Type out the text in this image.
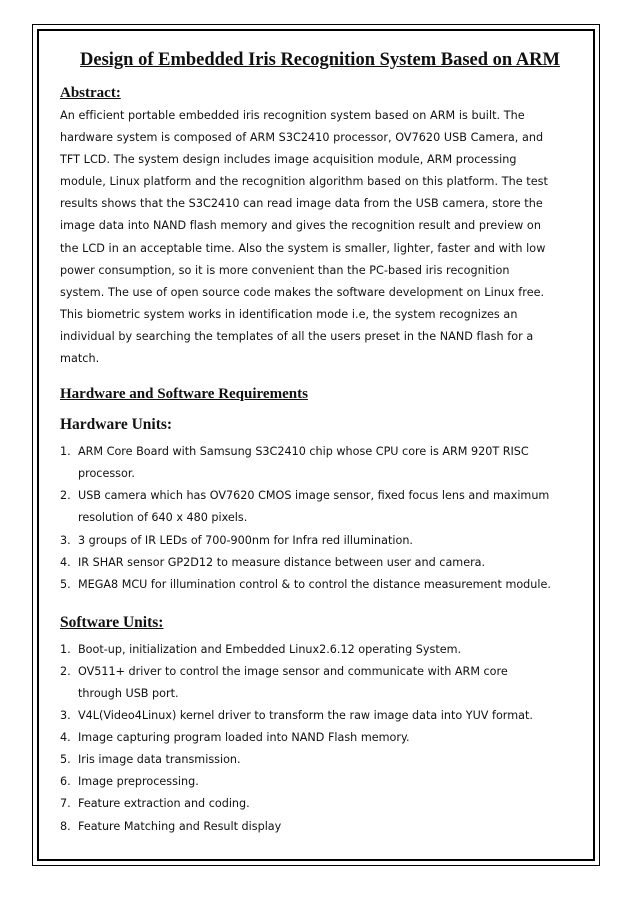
Design of Embedded Iris Recognition System Based on ARM
Abstract:
An efficient portable embedded iris recognition system based on ARM is built. The
hardware system is composed of ARM S3C2410 processor, OV7620 USB Camera, and
TFT LCD. The system design includes image acquisition module, ARM processing
module, Linux platform and the recognition algorithm based on this platform. The test
results shows that the S3C2410 can read image data from the USB camera, store the
image data into NAND flash memory and gives the recognition result and preview on
the LCD in an acceptable time. Also the system is smaller, lighter, faster and with low
power consumption, so it is more convenient than the PC-based iris recognition
system. The use of open source code makes the software development on Linux free.
This biometric system works in identification mode i.e, the system recognizes an
individual by searching the templates of all the users preset in the NAND flash for a
match.
Hardware and Software Requirements
Hardware Units:
1. ARM Core Board with Samsung S3C2410 chip whose CPU core is ARM 920T RISC
processor.
2. USB camera which has OV7620 CMOS image sensor, fixed focus lens and maximum
resolution of 640 x 480 pixels.
3. 3 groups of IR LEDs of 700-900nm for Infra red illumination.
4. IR SHAR sensor GP2D12 to measure distance between user and camera.
5. MEGA8 MCU for illumination control & to control the distance measurement module.
Software Units:
1. Boot-up, initialization and Embedded Linux2.6.12 operating System.
2. OV511+ driver to control the image sensor and communicate with ARM core
through USB port.
3. V4L(Video4Linux) kernel driver to transform the raw image data into YUV format.
4. Image capturing program loaded into NAND Flash memory.
5. Iris image data transmission.
6. Image preprocessing.
7. Feature extraction and coding.
8. Feature Matching and Result display
